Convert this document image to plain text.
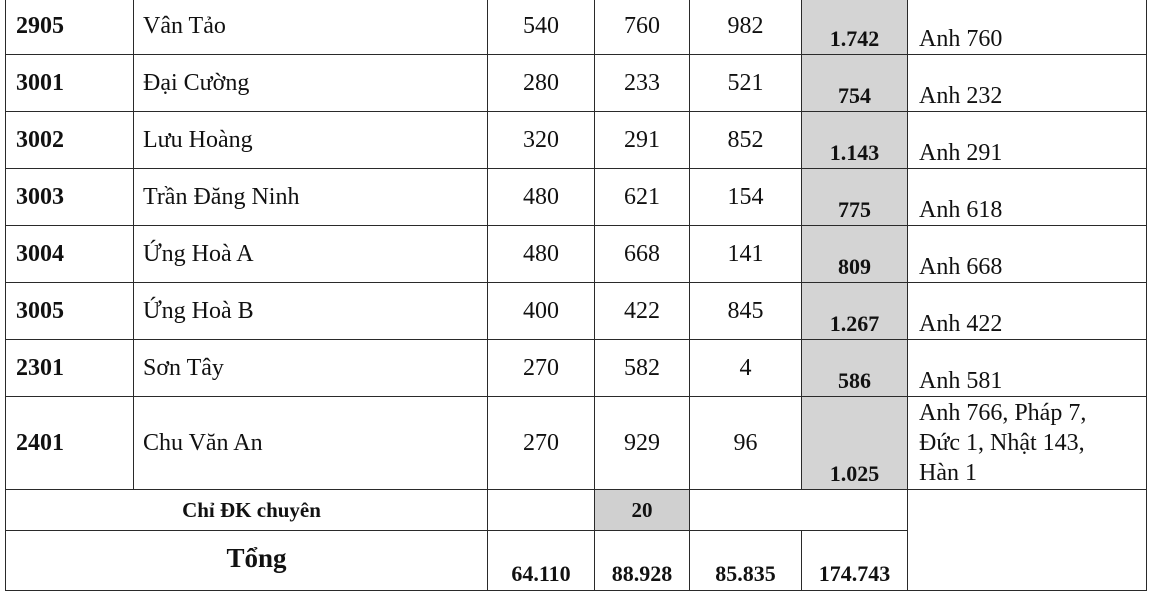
2905	Vân Tảo	540	760	982	1.742	Anh 760
3001	Đại Cường	280	233	521	754	Anh 232
3002	Lưu Hoàng	320	291	852	1.143	Anh 291
3003	Trần Đăng Ninh	480	621	154	775	Anh 618
3004	Ứng Hoà A	480	668	141	809	Anh 668
3005	Ứng Hoà B	400	422	845	1.267	Anh 422
2301	Sơn Tây	270	582	4	586	Anh 581
2401	Chu Văn An	270	929	96	1.025	Anh 766, Pháp 7,
Đức 1, Nhật 143,
Hàn 1

Chỉ ĐK chuyên			20			
Tổng		64.110	88.928	85.835	174.743	
